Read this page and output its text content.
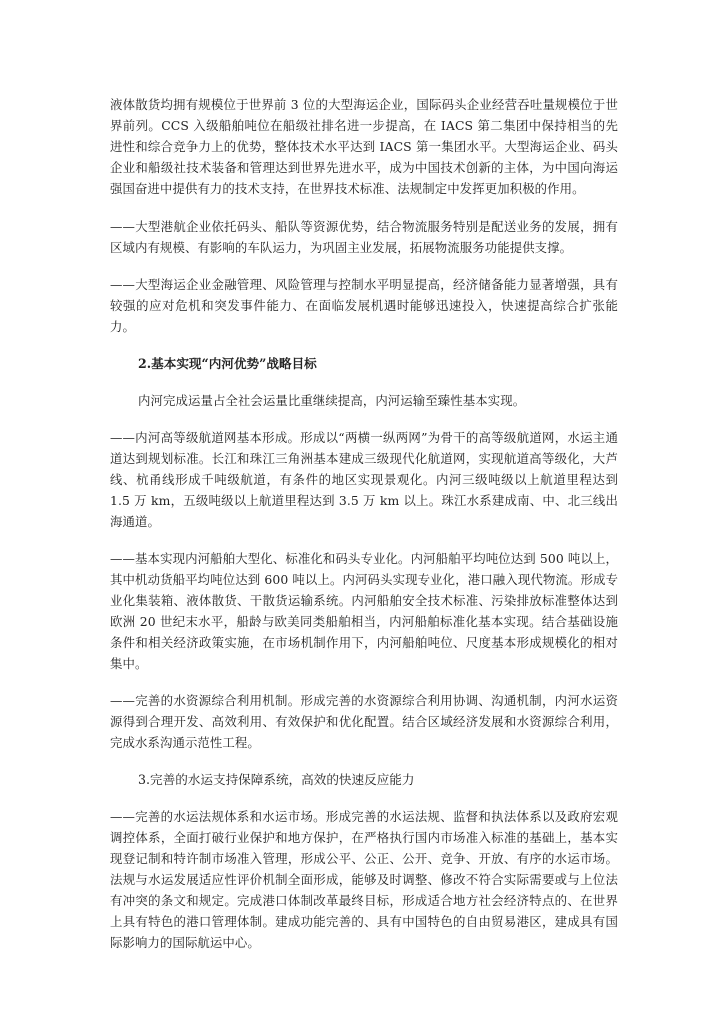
液体散货均拥有规模位于世界前 3 位的大型海运企业，国际码头企业经营吞吐量规模位于世界前列。CCS 入级船舶吨位在船级社排名进一步提高，在 IACS 第二集团中保持相当的先进性和综合竞争力上的优势，整体技术水平达到 IACS 第一集团水平。大型海运企业、码头企业和船级社技术装备和管理达到世界先进水平，成为中国技术创新的主体，为中国向海运强国奋进中提供有力的技术支持，在世界技术标准、法规制定中发挥更加积极的作用。

——大型港航企业依托码头、船队等资源优势，结合物流服务特别是配送业务的发展，拥有区域内有规模、有影响的车队运力，为巩固主业发展，拓展物流服务功能提供支撑。

——大型海运企业金融管理、风险管理与控制水平明显提高，经济储备能力显著增强，具有较强的应对危机和突发事件能力、在面临发展机遇时能够迅速投入，快速提高综合扩张能力。

2.基本实现“内河优势”战略目标

内河完成运量占全社会运量比重继续提高，内河运输至臻性基本实现。

——内河高等级航道网基本形成。形成以“两横一纵两网”为骨干的高等级航道网，水运主通道达到规划标准。长江和珠江三角洲基本建成三级现代化航道网，实现航道高等级化，大芦线、杭甬线形成千吨级航道，有条件的地区实现景观化。内河三级吨级以上航道里程达到 1.5 万 km，五级吨级以上航道里程达到 3.5 万 km 以上。珠江水系建成南、中、北三线出海通道。

——基本实现内河船舶大型化、标准化和码头专业化。内河船舶平均吨位达到 500 吨以上，其中机动货船平均吨位达到 600 吨以上。内河码头实现专业化，港口融入现代物流。形成专业化集装箱、液体散货、干散货运输系统。内河船舶安全技术标准、污染排放标准整体达到欧洲 20 世纪末水平，船龄与欧美同类船舶相当，内河船舶标准化基本实现。结合基础设施条件和相关经济政策实施，在市场机制作用下，内河船舶吨位、尺度基本形成规模化的相对集中。

——完善的水资源综合利用机制。形成完善的水资源综合利用协调、沟通机制，内河水运资源得到合理开发、高效利用、有效保护和优化配置。结合区域经济发展和水资源综合利用，完成水系沟通示范性工程。

3.完善的水运支持保障系统，高效的快速反应能力

——完善的水运法规体系和水运市场。形成完善的水运法规、监督和执法体系以及政府宏观调控体系，全面打破行业保护和地方保护，在严格执行国内市场准入标准的基础上，基本实现登记制和特许制市场准入管理，形成公平、公正、公开、竞争、开放、有序的水运市场。法规与水运发展适应性评价机制全面形成，能够及时调整、修改不符合实际需要或与上位法有冲突的条文和规定。完成港口体制改革最终目标，形成适合地方社会经济特点的、在世界上具有特色的港口管理体制。建成功能完善的、具有中国特色的自由贸易港区，建成具有国际影响力的国际航运中心。
